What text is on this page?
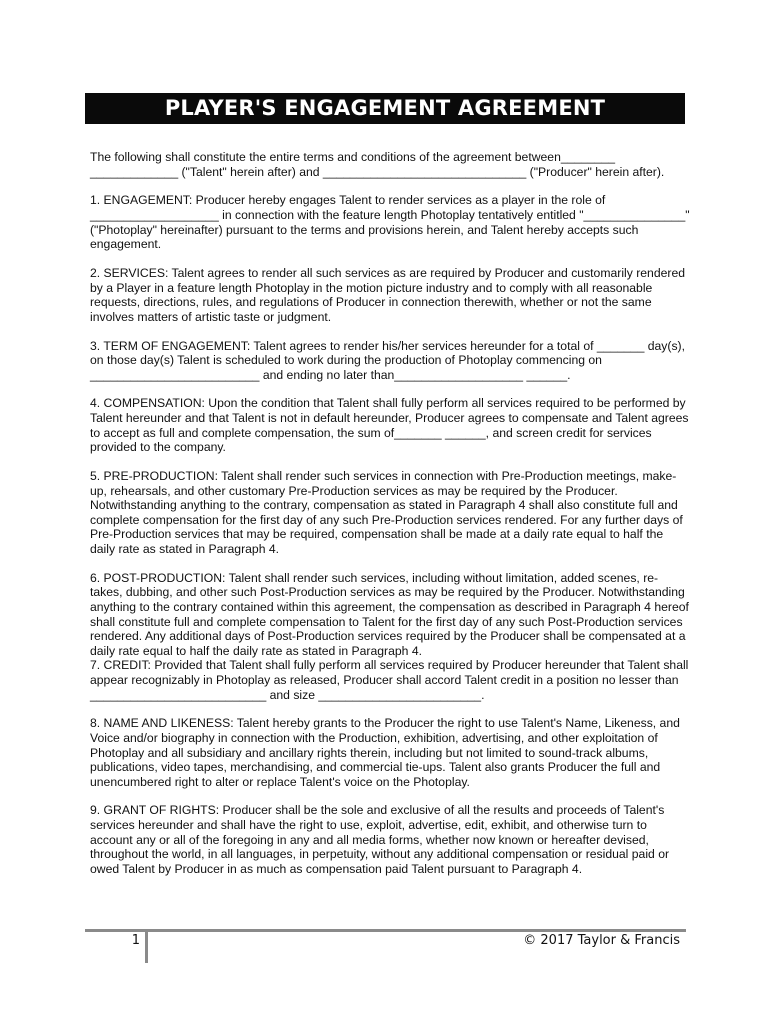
PLAYER'S ENGAGEMENT AGREEMENT

The following shall constitute the entire terms and conditions of the agreement between________ _____________ ("Talent" herein after) and ______________________________ ("Producer" herein after).

1. ENGAGEMENT: Producer hereby engages Talent to render services as a player in the role of ___________________ in connection with the feature length Photoplay tentatively entitled "_______________" ("Photoplay" hereinafter) pursuant to the terms and provisions herein, and Talent hereby accepts such engagement.

2. SERVICES: Talent agrees to render all such services as are required by Producer and customarily rendered by a Player in a feature length Photoplay in the motion picture industry and to comply with all reasonable requests, directions, rules, and regulations of Producer in connection therewith, whether or not the same involves matters of artistic taste or judgment.

3. TERM OF ENGAGEMENT: Talent agrees to render his/her services hereunder for a total of _______ day(s), on those day(s) Talent is scheduled to work during the production of Photoplay commencing on _________________________ and ending no later than___________________ ______.

4. COMPENSATION: Upon the condition that Talent shall fully perform all services required to be performed by Talent hereunder and that Talent is not in default hereunder, Producer agrees to compensate and Talent agrees to accept as full and complete compensation, the sum of_______ ______, and screen credit for services provided to the company.

5. PRE-PRODUCTION: Talent shall render such services in connection with Pre-Production meetings, make-up, rehearsals, and other customary Pre-Production services as may be required by the Producer. Notwithstanding anything to the contrary, compensation as stated in Paragraph 4 shall also constitute full and complete compensation for the first day of any such Pre-Production services rendered. For any further days of Pre-Production services that may be required, compensation shall be made at a daily rate equal to half the daily rate as stated in Paragraph 4.

6. POST-PRODUCTION: Talent shall render such services, including without limitation, added scenes, re-takes, dubbing, and other such Post-Production services as may be required by the Producer. Notwithstanding anything to the contrary contained within this agreement, the compensation as described in Paragraph 4 hereof shall constitute full and complete compensation to Talent for the first day of any such Post-Production services rendered. Any additional days of Post-Production services required by the Producer shall be compensated at a daily rate equal to half the daily rate as stated in Paragraph 4.

7. CREDIT: Provided that Talent shall fully perform all services required by Producer hereunder that Talent shall appear recognizably in Photoplay as released, Producer shall accord Talent credit in a position no lesser than __________________________ and size ________________________.

8. NAME AND LIKENESS: Talent hereby grants to the Producer the right to use Talent's Name, Likeness, and Voice and/or biography in connection with the Production, exhibition, advertising, and other exploitation of Photoplay and all subsidiary and ancillary rights therein, including but not limited to sound-track albums, publications, video tapes, merchandising, and commercial tie-ups. Talent also grants Producer the full and unencumbered right to alter or replace Talent's voice on the Photoplay.

9. GRANT OF RIGHTS: Producer shall be the sole and exclusive of all the results and proceeds of Talent's services hereunder and shall have the right to use, exploit, advertise, edit, exhibit, and otherwise turn to account any or all of the foregoing in any and all media forms, whether now known or hereafter devised, throughout the world, in all languages, in perpetuity, without any additional compensation or residual paid or owed Talent by Producer in as much as compensation paid Talent pursuant to Paragraph 4.

1	© 2017 Taylor & Francis
